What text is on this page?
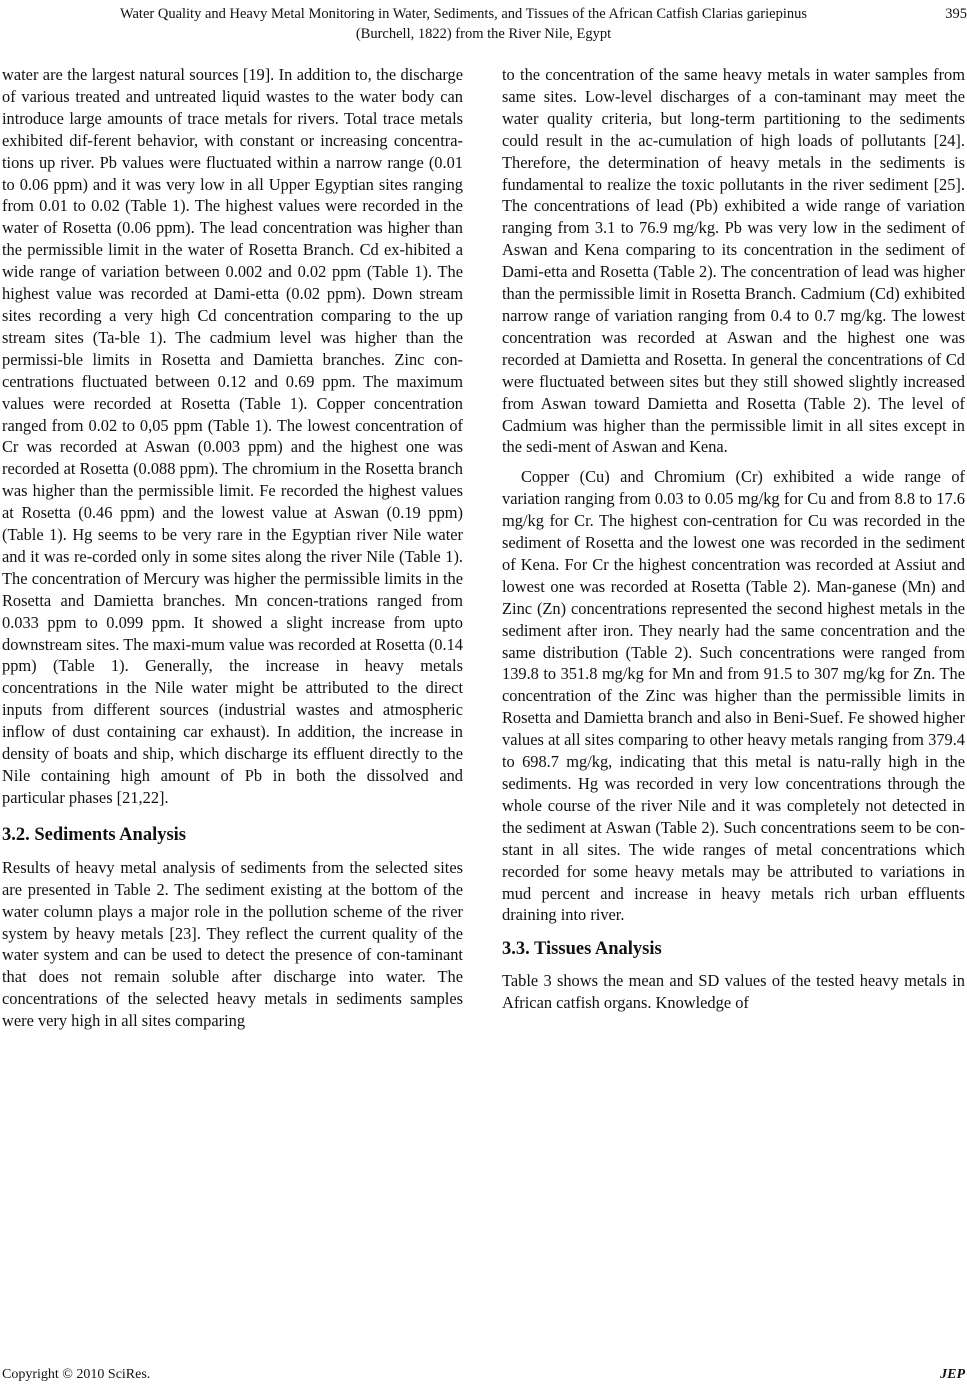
Water Quality and Heavy Metal Monitoring in Water, Sediments, and Tissues of the African Catfish Clarias gariepinus
(Burchell, 1822) from the River Nile, Egypt
395

water are the largest natural sources [19]. In addition to, the discharge of various treated and untreated liquid wastes to the water body can introduce large amounts of trace metals for rivers. Total trace metals exhibited dif-ferent behavior, with constant or increasing concentra-tions up river. Pb values were fluctuated within a narrow range (0.01 to 0.06 ppm) and it was very low in all Upper Egyptian sites ranging from 0.01 to 0.02 (Table 1). The highest values were recorded in the water of Rosetta (0.06 ppm). The lead concentration was higher than the permissible limit in the water of Rosetta Branch. Cd ex-hibited a wide range of variation between 0.002 and 0.02 ppm (Table 1). The highest value was recorded at Dami-etta (0.02 ppm). Down stream sites recording a very high Cd concentration comparing to the up stream sites (Ta-ble 1). The cadmium level was higher than the permissi-ble limits in Rosetta and Damietta branches. Zinc con-centrations fluctuated between 0.12 and 0.69 ppm. The maximum values were recorded at Rosetta (Table 1). Copper concentration ranged from 0.02 to 0,05 ppm (Table 1). The lowest concentration of Cr was recorded at Aswan (0.003 ppm) and the highest one was recorded at Rosetta (0.088 ppm). The chromium in the Rosetta branch was higher than the permissible limit. Fe recorded the highest values at Rosetta (0.46 ppm) and the lowest value at Aswan (0.19 ppm) (Table 1). Hg seems to be very rare in the Egyptian river Nile water and it was re-corded only in some sites along the river Nile (Table 1). The concentration of Mercury was higher the permissible limits in the Rosetta and Damietta branches. Mn concen-trations ranged from 0.033 ppm to 0.099 ppm. It showed a slight increase from upto downstream sites. The maxi-mum value was recorded at Rosetta (0.14 ppm) (Table 1). Generally, the increase in heavy metals concentrations in the Nile water might be attributed to the direct inputs from different sources (industrial wastes and atmospheric inflow of dust containing car exhaust). In addition, the increase in density of boats and ship, which discharge its effluent directly to the Nile containing high amount of Pb in both the dissolved and particular phases [21,22].

3.2. Sediments Analysis

Results of heavy metal analysis of sediments from the selected sites are presented in Table 2. The sediment existing at the bottom of the water column plays a major role in the pollution scheme of the river system by heavy metals [23]. They reflect the current quality of the water system and can be used to detect the presence of con-taminant that does not remain soluble after discharge into water. The concentrations of the selected heavy metals in sediments samples were very high in all sites comparing

to the concentration of the same heavy metals in water samples from same sites. Low-level discharges of a con-taminant may meet the water quality criteria, but long-term partitioning to the sediments could result in the ac-cumulation of high loads of pollutants [24]. Therefore, the determination of heavy metals in the sediments is fundamental to realize the toxic pollutants in the river sediment [25]. The concentrations of lead (Pb) exhibited a wide range of variation ranging from 3.1 to 76.9 mg/kg. Pb was very low in the sediment of Aswan and Kena comparing to its concentration in the sediment of Dami-etta and Rosetta (Table 2). The concentration of lead was higher than the permissible limit in Rosetta Branch. Cadmium (Cd) exhibited narrow range of variation ranging from 0.4 to 0.7 mg/kg. The lowest concentration was recorded at Aswan and the highest one was recorded at Damietta and Rosetta. In general the concentrations of Cd were fluctuated between sites but they still showed slightly increased from Aswan toward Damietta and Rosetta (Table 2). The level of Cadmium was higher than the permissible limit in all sites except in the sedi-ment of Aswan and Kena.

Copper (Cu) and Chromium (Cr) exhibited a wide range of variation ranging from 0.03 to 0.05 mg/kg for Cu and from 8.8 to 17.6 mg/kg for Cr. The highest con-centration for Cu was recorded in the sediment of Rosetta and the lowest one was recorded in the sediment of Kena. For Cr the highest concentration was recorded at Assiut and lowest one was recorded at Rosetta (Table 2). Man-ganese (Mn) and Zinc (Zn) concentrations represented the second highest metals in the sediment after iron. They nearly had the same concentration and the same distribution (Table 2). Such concentrations were ranged from 139.8 to 351.8 mg/kg for Mn and from 91.5 to 307 mg/kg for Zn. The concentration of the Zinc was higher than the permissible limits in Rosetta and Damietta branch and also in Beni-Suef. Fe showed higher values at all sites comparing to other heavy metals ranging from 379.4 to 698.7 mg/kg, indicating that this metal is natu-rally high in the sediments. Hg was recorded in very low concentrations through the whole course of the river Nile and it was completely not detected in the sediment at Aswan (Table 2). Such concentrations seem to be con-stant in all sites. The wide ranges of metal concentrations which recorded for some heavy metals may be attributed to variations in mud percent and increase in heavy metals rich urban effluents draining into river.

3.3. Tissues Analysis

Table 3 shows the mean and SD values of the tested heavy metals in African catfish organs. Knowledge of

Copyright © 2010 SciRes.	JEP
